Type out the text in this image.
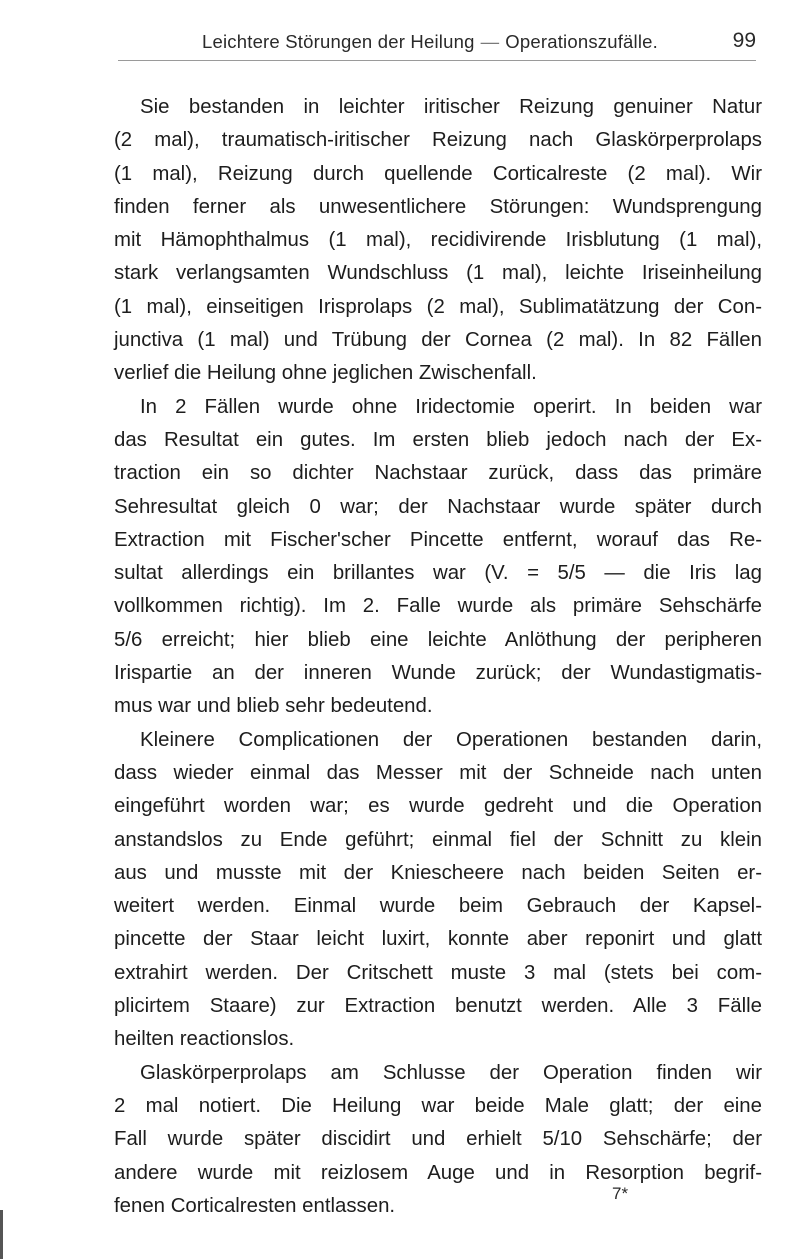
Leichtere Störungen der Heilung — Operationszufälle.	99
Sie bestanden in leichter iritischer Reizung genuiner Natur
(2 mal), traumatisch-iritischer Reizung nach Glaskörperprolaps
(1 mal), Reizung durch quellende Corticalreste (2 mal). Wir
finden ferner als unwesentlichere Störungen: Wundsprengung
mit Hämophthalmus (1 mal), recidivirende Irisblutung (1 mal),
stark verlangsamten Wundschluss (1 mal), leichte Iriseinheilung
(1 mal), einseitigen Irisprolaps (2 mal), Sublimatätzung der Con-
junctiva (1 mal) und Trübung der Cornea (2 mal). In 82 Fällen
verlief die Heilung ohne jeglichen Zwischenfall.
In 2 Fällen wurde ohne Iridectomie operirt. In beiden war
das Resultat ein gutes. Im ersten blieb jedoch nach der Ex-
traction ein so dichter Nachstaar zurück, dass das primäre
Sehresultat gleich 0 war; der Nachstaar wurde später durch
Extraction mit Fischer'scher Pincette entfernt, worauf das Re-
sultat allerdings ein brillantes war (V. = 5/5 — die Iris lag
vollkommen richtig). Im 2. Falle wurde als primäre Sehschärfe
5/6 erreicht; hier blieb eine leichte Anlöthung der peripheren
Irispartie an der inneren Wunde zurück; der Wundastigmatis-
mus war und blieb sehr bedeutend.
Kleinere Complicationen der Operationen bestanden darin,
dass wieder einmal das Messer mit der Schneide nach unten
eingeführt worden war; es wurde gedreht und die Operation
anstandslos zu Ende geführt; einmal fiel der Schnitt zu klein
aus und musste mit der Kniescheere nach beiden Seiten er-
weitert werden. Einmal wurde beim Gebrauch der Kapsel-
pincette der Staar leicht luxirt, konnte aber reponirt und glatt
extrahirt werden. Der Critschett muste 3 mal (stets bei com-
plicirtem Staare) zur Extraction benutzt werden. Alle 3 Fälle
heilten reactionslos.
Glaskörperprolaps am Schlusse der Operation finden wir
2 mal notiert. Die Heilung war beide Male glatt; der eine
Fall wurde später discidirt und erhielt 5/10 Sehschärfe; der
andere wurde mit reizlosem Auge und in Resorption begrif-
fenen Corticalresten entlassen.
7*
